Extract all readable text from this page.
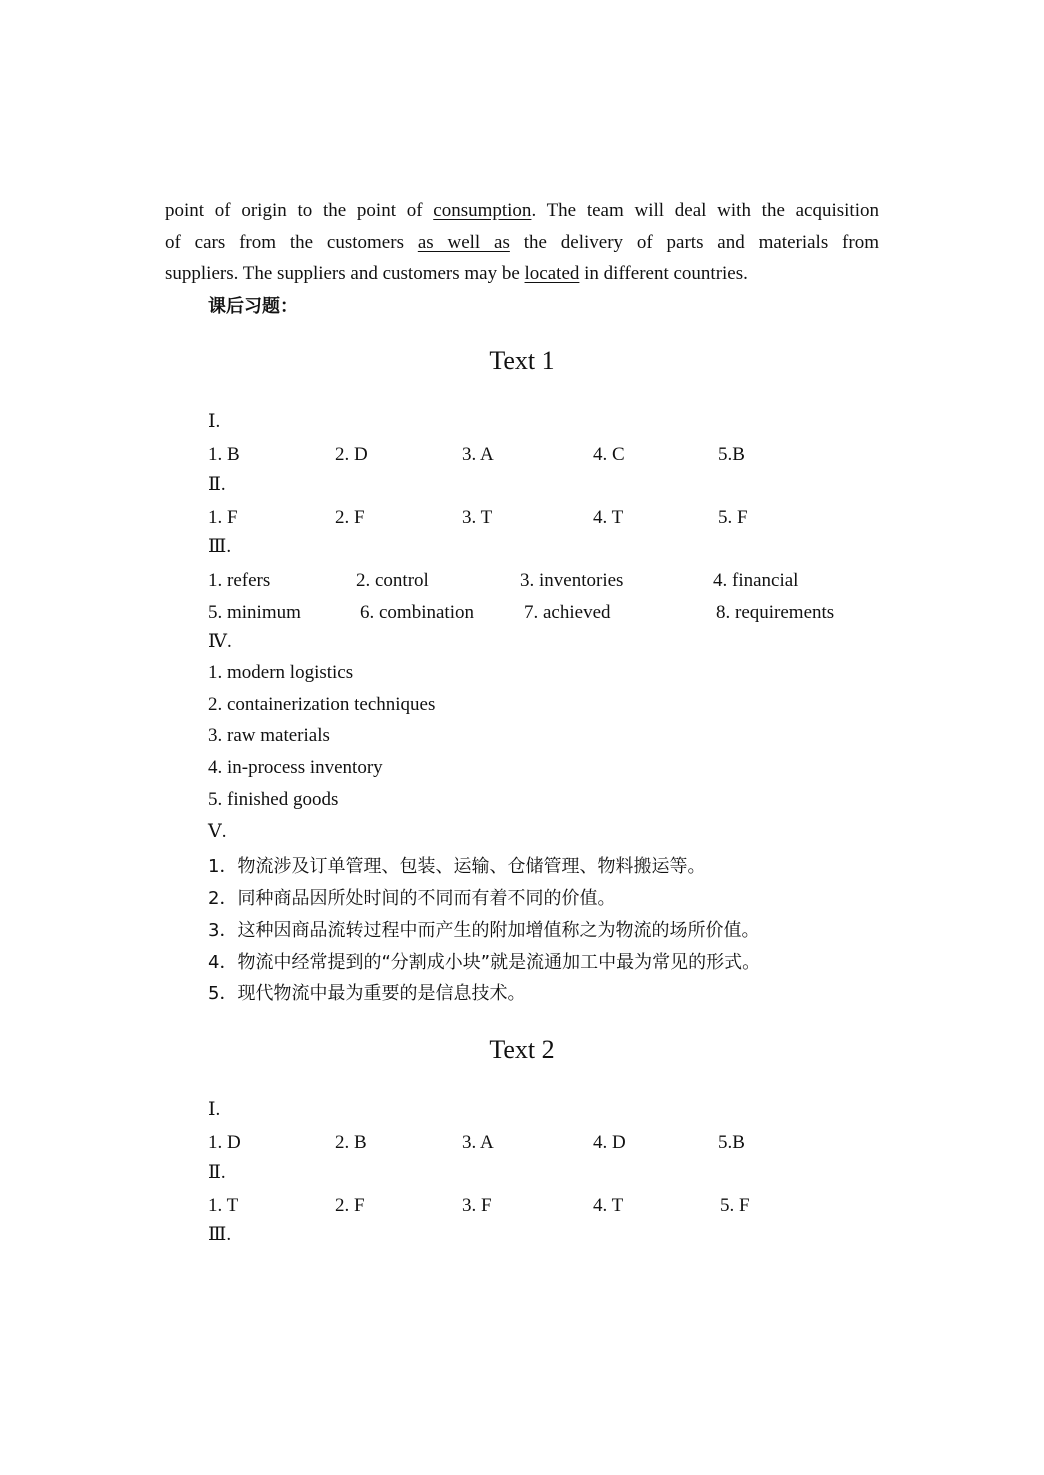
point of origin to the point of consumption. The team will deal with the acquisition
of cars from the customers as well as the delivery of parts and materials from
suppliers. The suppliers and customers may be located in different countries.
课后习题：
Text 1
Ⅰ.
1. B	2. D	3. A	4. C	5.B
Ⅱ.
1. F	2. F	3. T	4. T	5. F
Ⅲ.
1. refers	2. control	3. inventories	4. financial
5. minimum	6. combination	7. achieved	8. requirements
Ⅳ.
1. modern logistics
2. containerization techniques
3. raw materials
4. in-process inventory
5. finished goods
Ⅴ.
1．物流涉及订单管理、包装、运输、仓储管理、物料搬运等。
2．同种商品因所处时间的不同而有着不同的价值。
3．这种因商品流转过程中而产生的附加增值称之为物流的场所价值。
4．物流中经常提到的“分割成小块”就是流通加工中最为常见的形式。
5．现代物流中最为重要的是信息技术。
Text 2
Ⅰ.
1. D	2. B	3. A	4. D	5.B
Ⅱ.
1. T	2. F	3. F	4. T	5. F
Ⅲ.
